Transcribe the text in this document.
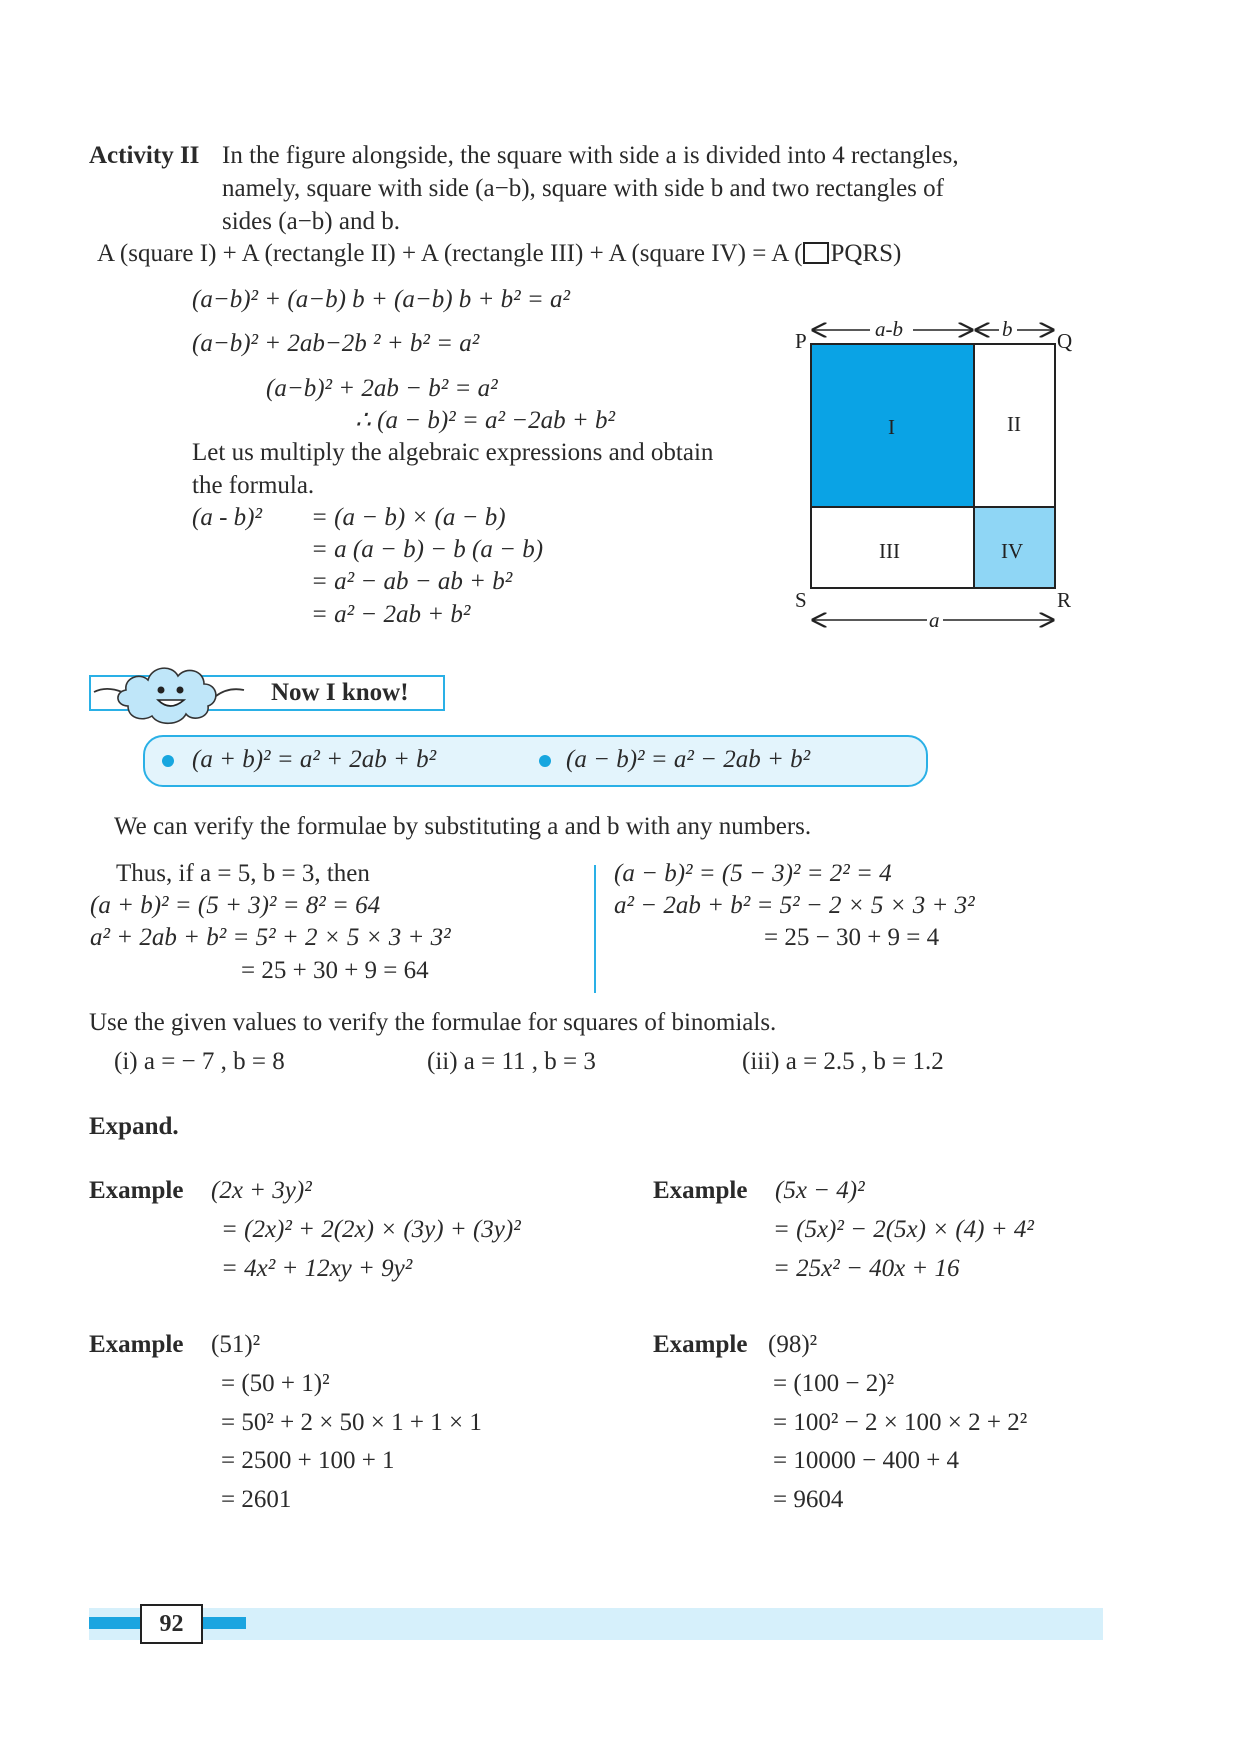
Activity II In the figure alongside, the square with side a is divided into 4 rectangles,
namely, square with side (a−b), square with side b and two rectangles of
sides (a−b) and b.
A (square I) + A (rectangle II) + A (rectangle III) + A (square IV) = A ( PQRS)
(a−b)² + (a−b) b + (a−b) b + b² = a²
(a−b)² + 2ab−2b ² + b² = a²
(a−b)² + 2ab − b² = a²
∴ (a − b)² = a² −2ab + b²
Let us multiply the algebraic expressions and obtain
the formula.
(a - b)² = (a − b) × (a − b)
= a (a − b) − b (a − b)
= a² − ab − ab + b²
= a² − 2ab + b²
a-b	b
a
P	Q
S	R
I	II
III	IV
Now I know!
(a + b)² = a² + 2ab + b²	(a − b)² = a² − 2ab + b²
We can verify the formulae by substituting a and b with any numbers.
Thus, if a = 5, b = 3, then
(a + b)² = (5 + 3)² = 8² = 64
a² + 2ab + b² = 5² + 2 × 5 × 3 + 3²
= 25 + 30 + 9 = 64
(a − b)² = (5 − 3)² = 2² = 4
a² − 2ab + b² = 5² − 2 × 5 × 3 + 3²
= 25 − 30 + 9 = 4
Use the given values to verify the formulae for squares of binomials.
(i) a = − 7 , b = 8	(ii) a = 11 , b = 3	(iii) a = 2.5 , b = 1.2
Expand.
Example (2x + 3y)²
= (2x)² + 2(2x) × (3y) + (3y)²
= 4x² + 12xy + 9y²
Example (5x − 4)²
= (5x)² − 2(5x) × (4) + 4²
= 25x² − 40x + 16
Example (51)²
= (50 + 1)²
= 50² + 2 × 50 × 1 + 1 × 1
= 2500 + 100 + 1
= 2601
Example (98)²
= (100 − 2)²
= 100² − 2 × 100 × 2 + 2²
= 10000 − 400 + 4
= 9604
92
